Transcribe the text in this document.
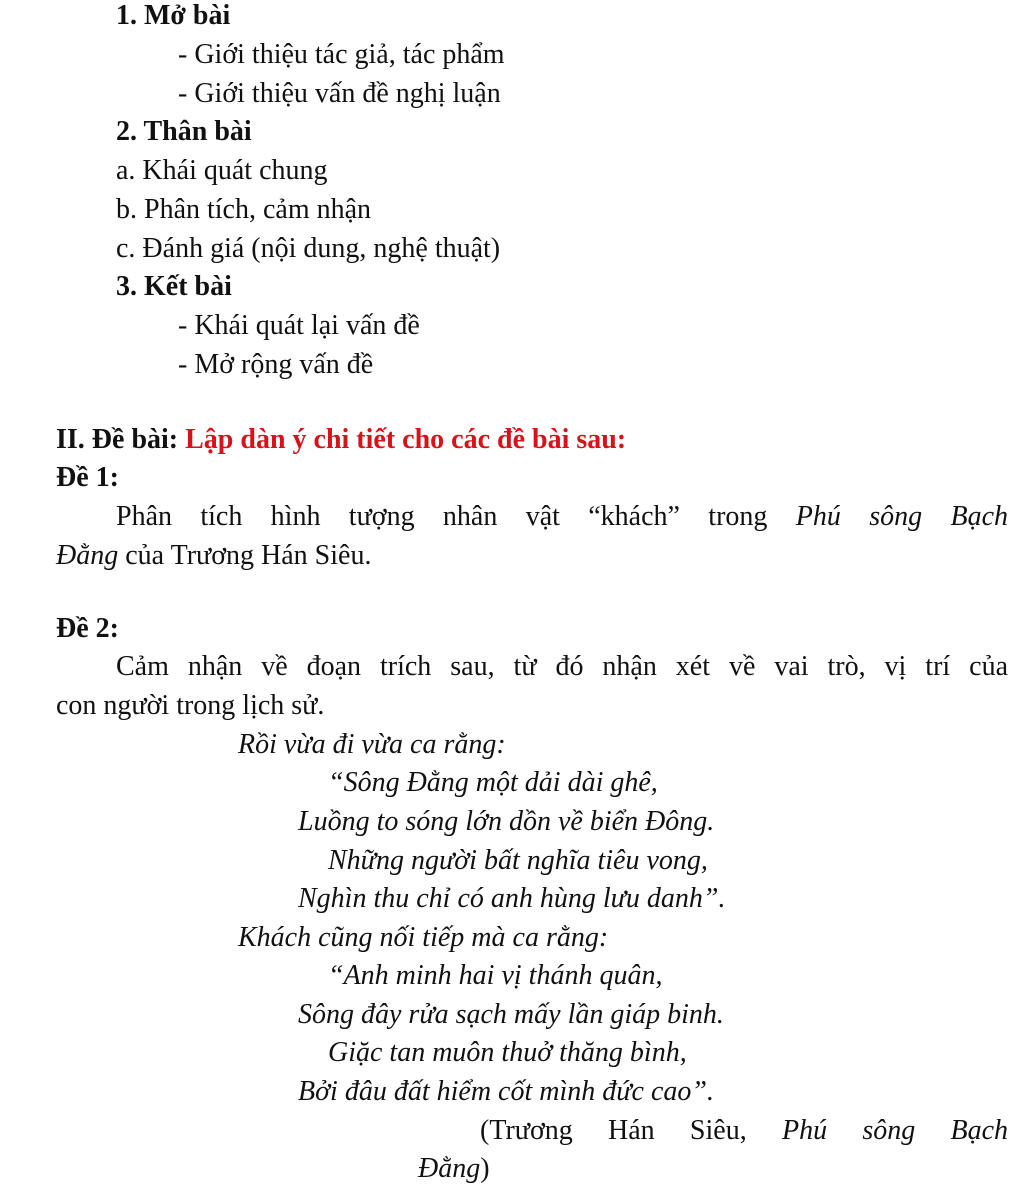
1. Mở bài
- Giới thiệu tác giả, tác phẩm
- Giới thiệu vấn đề nghị luận
2. Thân bài
a. Khái quát chung
b. Phân tích, cảm nhận
c. Đánh giá (nội dung, nghệ thuật)
3. Kết bài
- Khái quát lại vấn đề
- Mở rộng vấn đề
II. Đề bài: Lập dàn ý chi tiết cho các đề bài sau:
Đề 1:
Phân tích hình tượng nhân vật “khách” trong Phú sông Bạch
Đằng của Trương Hán Siêu.
Đề 2:
Cảm nhận về đoạn trích sau, từ đó nhận xét về vai trò, vị trí của
con người trong lịch sử.
Rồi vừa đi vừa ca rằng:
“Sông Đằng một dải dài ghê,
Luồng to sóng lớn dồn về biển Đông.
Những người bất nghĩa tiêu vong,
Nghìn thu chỉ có anh hùng lưu danh”.
Khách cũng nối tiếp mà ca rằng:
“Anh minh hai vị thánh quân,
Sông đây rửa sạch mấy lần giáp binh.
Giặc tan muôn thuở thăng bình,
Bởi đâu đất hiểm cốt mình đức cao”.
(Trương Hán Siêu, Phú sông Bạch
Đằng)
